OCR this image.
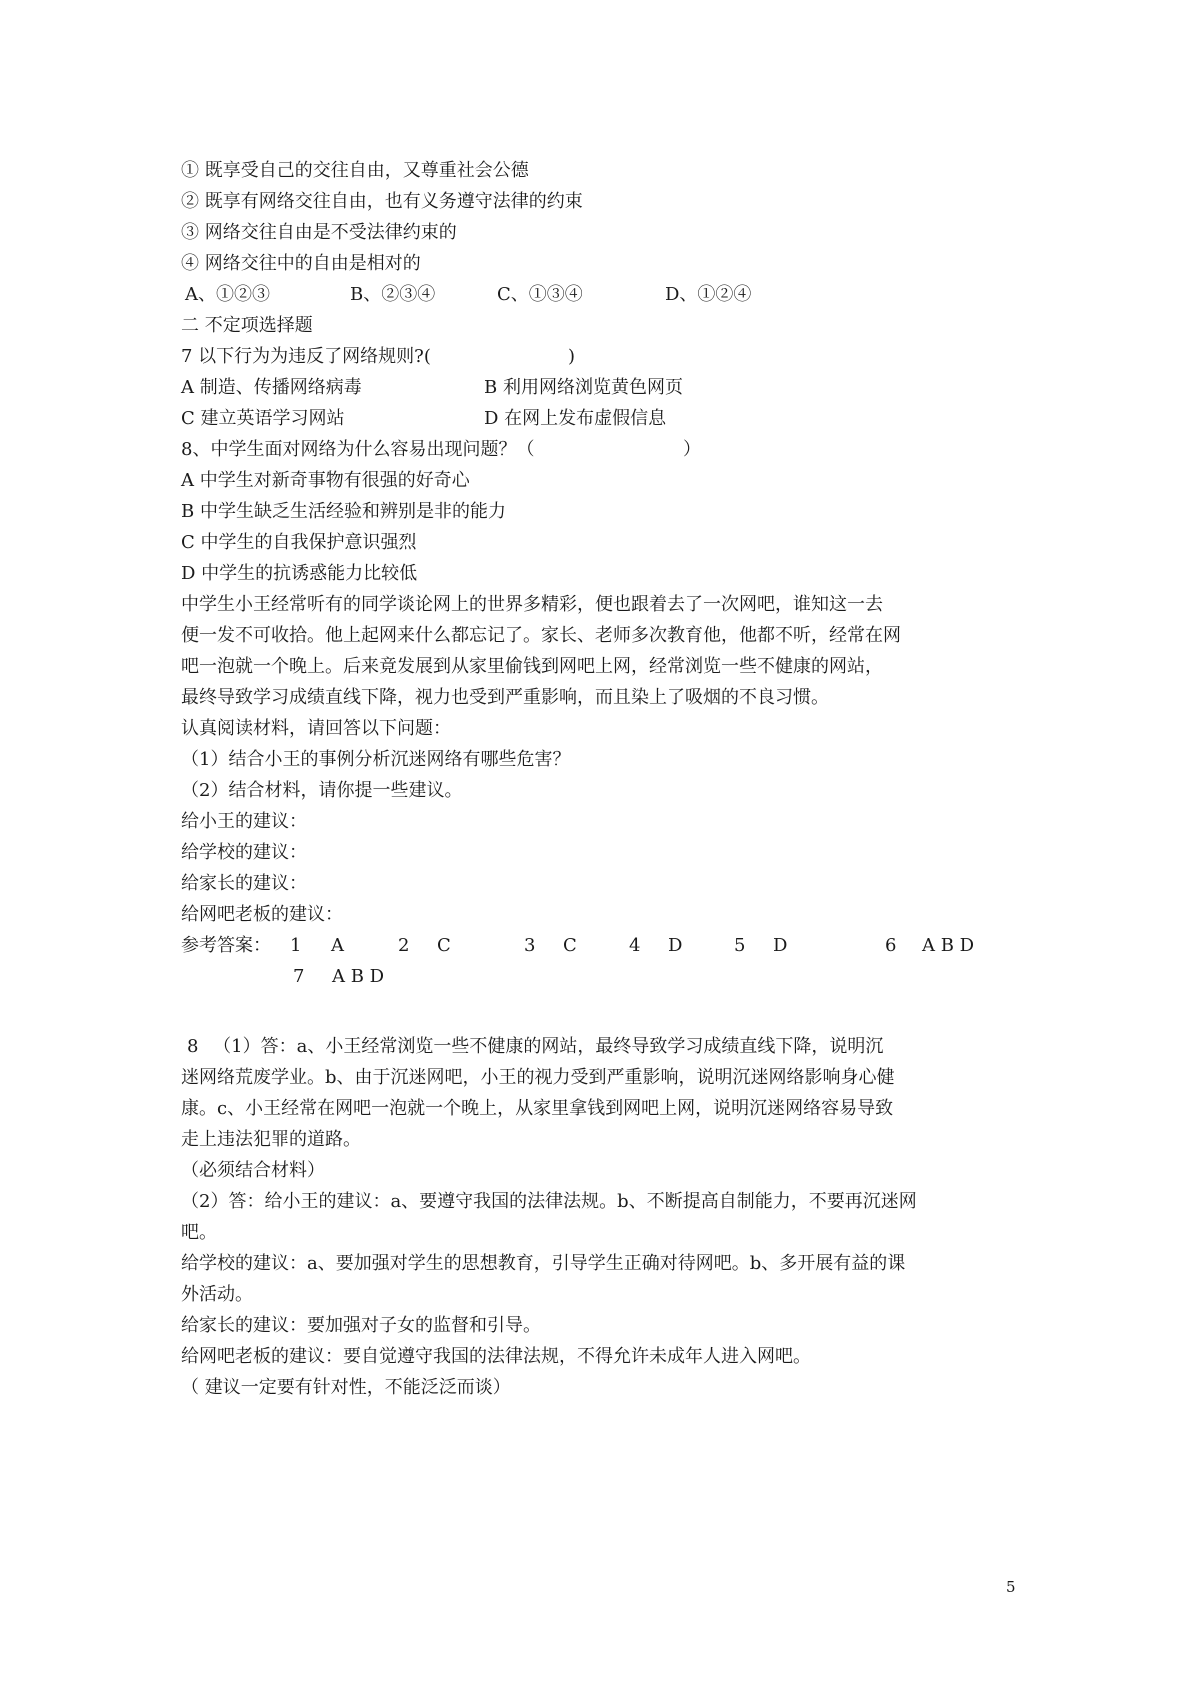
① 既享受自己的交往自由，又尊重社会公德
② 既享有网络交往自由，也有义务遵守法律的约束
③ 网络交往自由是不受法律约束的
④ 网络交往中的自由是相对的
A、①②③	B、②③④	C、①③④	D、①②④
二 不定项选择题
7 以下行为为违反了网络规则?(	)
A 制造、传播网络病毒	B 利用网络浏览黄色网页
C 建立英语学习网站	D 在网上发布虚假信息
8、中学生面对网络为什么容易出现问题？（	）
A 中学生对新奇事物有很强的好奇心
B 中学生缺乏生活经验和辨别是非的能力
C 中学生的自我保护意识强烈
D 中学生的抗诱惑能力比较低
中学生小王经常听有的同学谈论网上的世界多精彩，便也跟着去了一次网吧，谁知这一去
便一发不可收拾。他上起网来什么都忘记了。家长、老师多次教育他，他都不听，经常在网
吧一泡就一个晚上。后来竟发展到从家里偷钱到网吧上网，经常浏览一些不健康的网站，
最终导致学习成绩直线下降，视力也受到严重影响，而且染上了吸烟的不良习惯。
认真阅读材料，请回答以下问题：
（1）结合小王的事例分析沉迷网络有哪些危害？
（2）结合材料，请你提一些建议。
给小王的建议：
给学校的建议：
给家长的建议：
给网吧老板的建议：
参考答案： 1 A	2 C	3 C	4 D	5 D	6 A B D
7 A B D
8 　（1）答：a、小王经常浏览一些不健康的网站，最终导致学习成绩直线下降，说明沉
迷网络荒废学业。b、由于沉迷网吧，小王的视力受到严重影响，说明沉迷网络影响身心健
康。c、小王经常在网吧一泡就一个晚上，从家里拿钱到网吧上网，说明沉迷网络容易导致
走上违法犯罪的道路。
（必须结合材料）
（2）答：给小王的建议：a、要遵守我国的法律法规。b、不断提高自制能力，不要再沉迷网
吧。
给学校的建议：a、要加强对学生的思想教育，引导学生正确对待网吧。b、多开展有益的课
外活动。
给家长的建议：要加强对子女的监督和引导。
给网吧老板的建议：要自觉遵守我国的法律法规，不得允许未成年人进入网吧。
（ 建议一定要有针对性，不能泛泛而谈）
5
